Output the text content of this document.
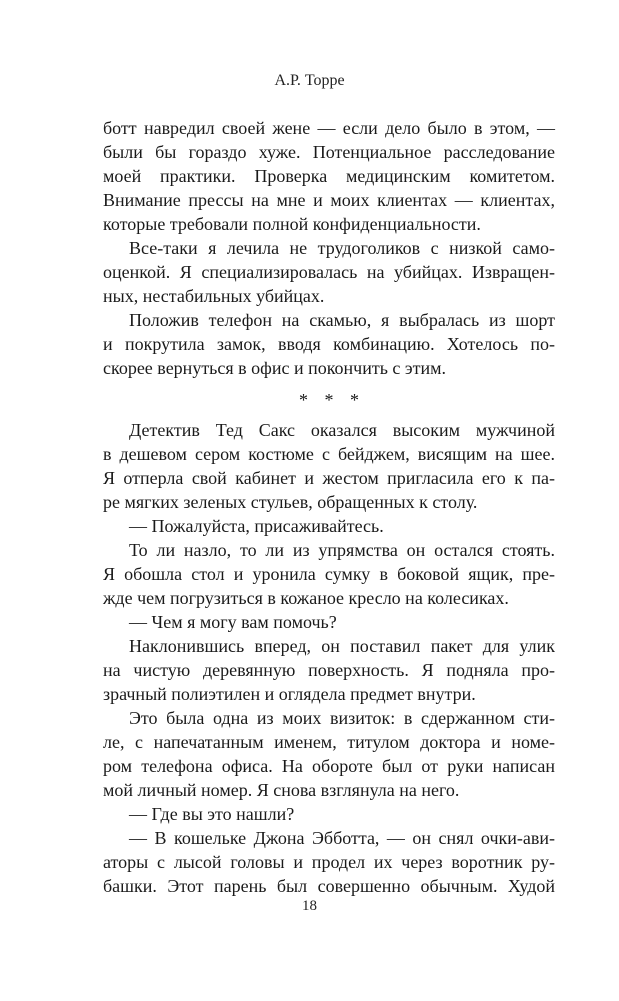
А.Р. Торре
ботт навредил своей жене — если дело было в этом, —
были бы гораздо хуже. Потенциальное расследование
моей практики. Проверка медицинским комитетом.
Внимание прессы на мне и моих клиентах — клиентах,
которые требовали полной конфиденциальности.
Все-таки я лечила не трудоголиков с низкой само-
оценкой. Я специализировалась на убийцах. Извращен-
ных, нестабильных убийцах.
Положив телефон на скамью, я выбралась из шорт
и покрутила замок, вводя комбинацию. Хотелось по-
скорее вернуться в офис и покончить с этим.
* * *
Детектив Тед Сакс оказался высоким мужчиной
в дешевом сером костюме с бейджем, висящим на шее.
Я отперла свой кабинет и жестом пригласила его к па-
ре мягких зеленых стульев, обращенных к столу.
— Пожалуйста, присаживайтесь.
То ли назло, то ли из упрямства он остался стоять.
Я обошла стол и уронила сумку в боковой ящик, пре-
жде чем погрузиться в кожаное кресло на колесиках.
— Чем я могу вам помочь?
Наклонившись вперед, он поставил пакет для улик
на чистую деревянную поверхность. Я подняла про-
зрачный полиэтилен и оглядела предмет внутри.
Это была одна из моих визиток: в сдержанном сти-
ле, с напечатанным именем, титулом доктора и номе-
ром телефона офиса. На обороте был от руки написан
мой личный номер. Я снова взглянула на него.
— Где вы это нашли?
— В кошельке Джона Эбботта, — он снял очки-ави-
аторы с лысой головы и продел их через воротник ру-
башки. Этот парень был совершенно обычным. Худой
18
